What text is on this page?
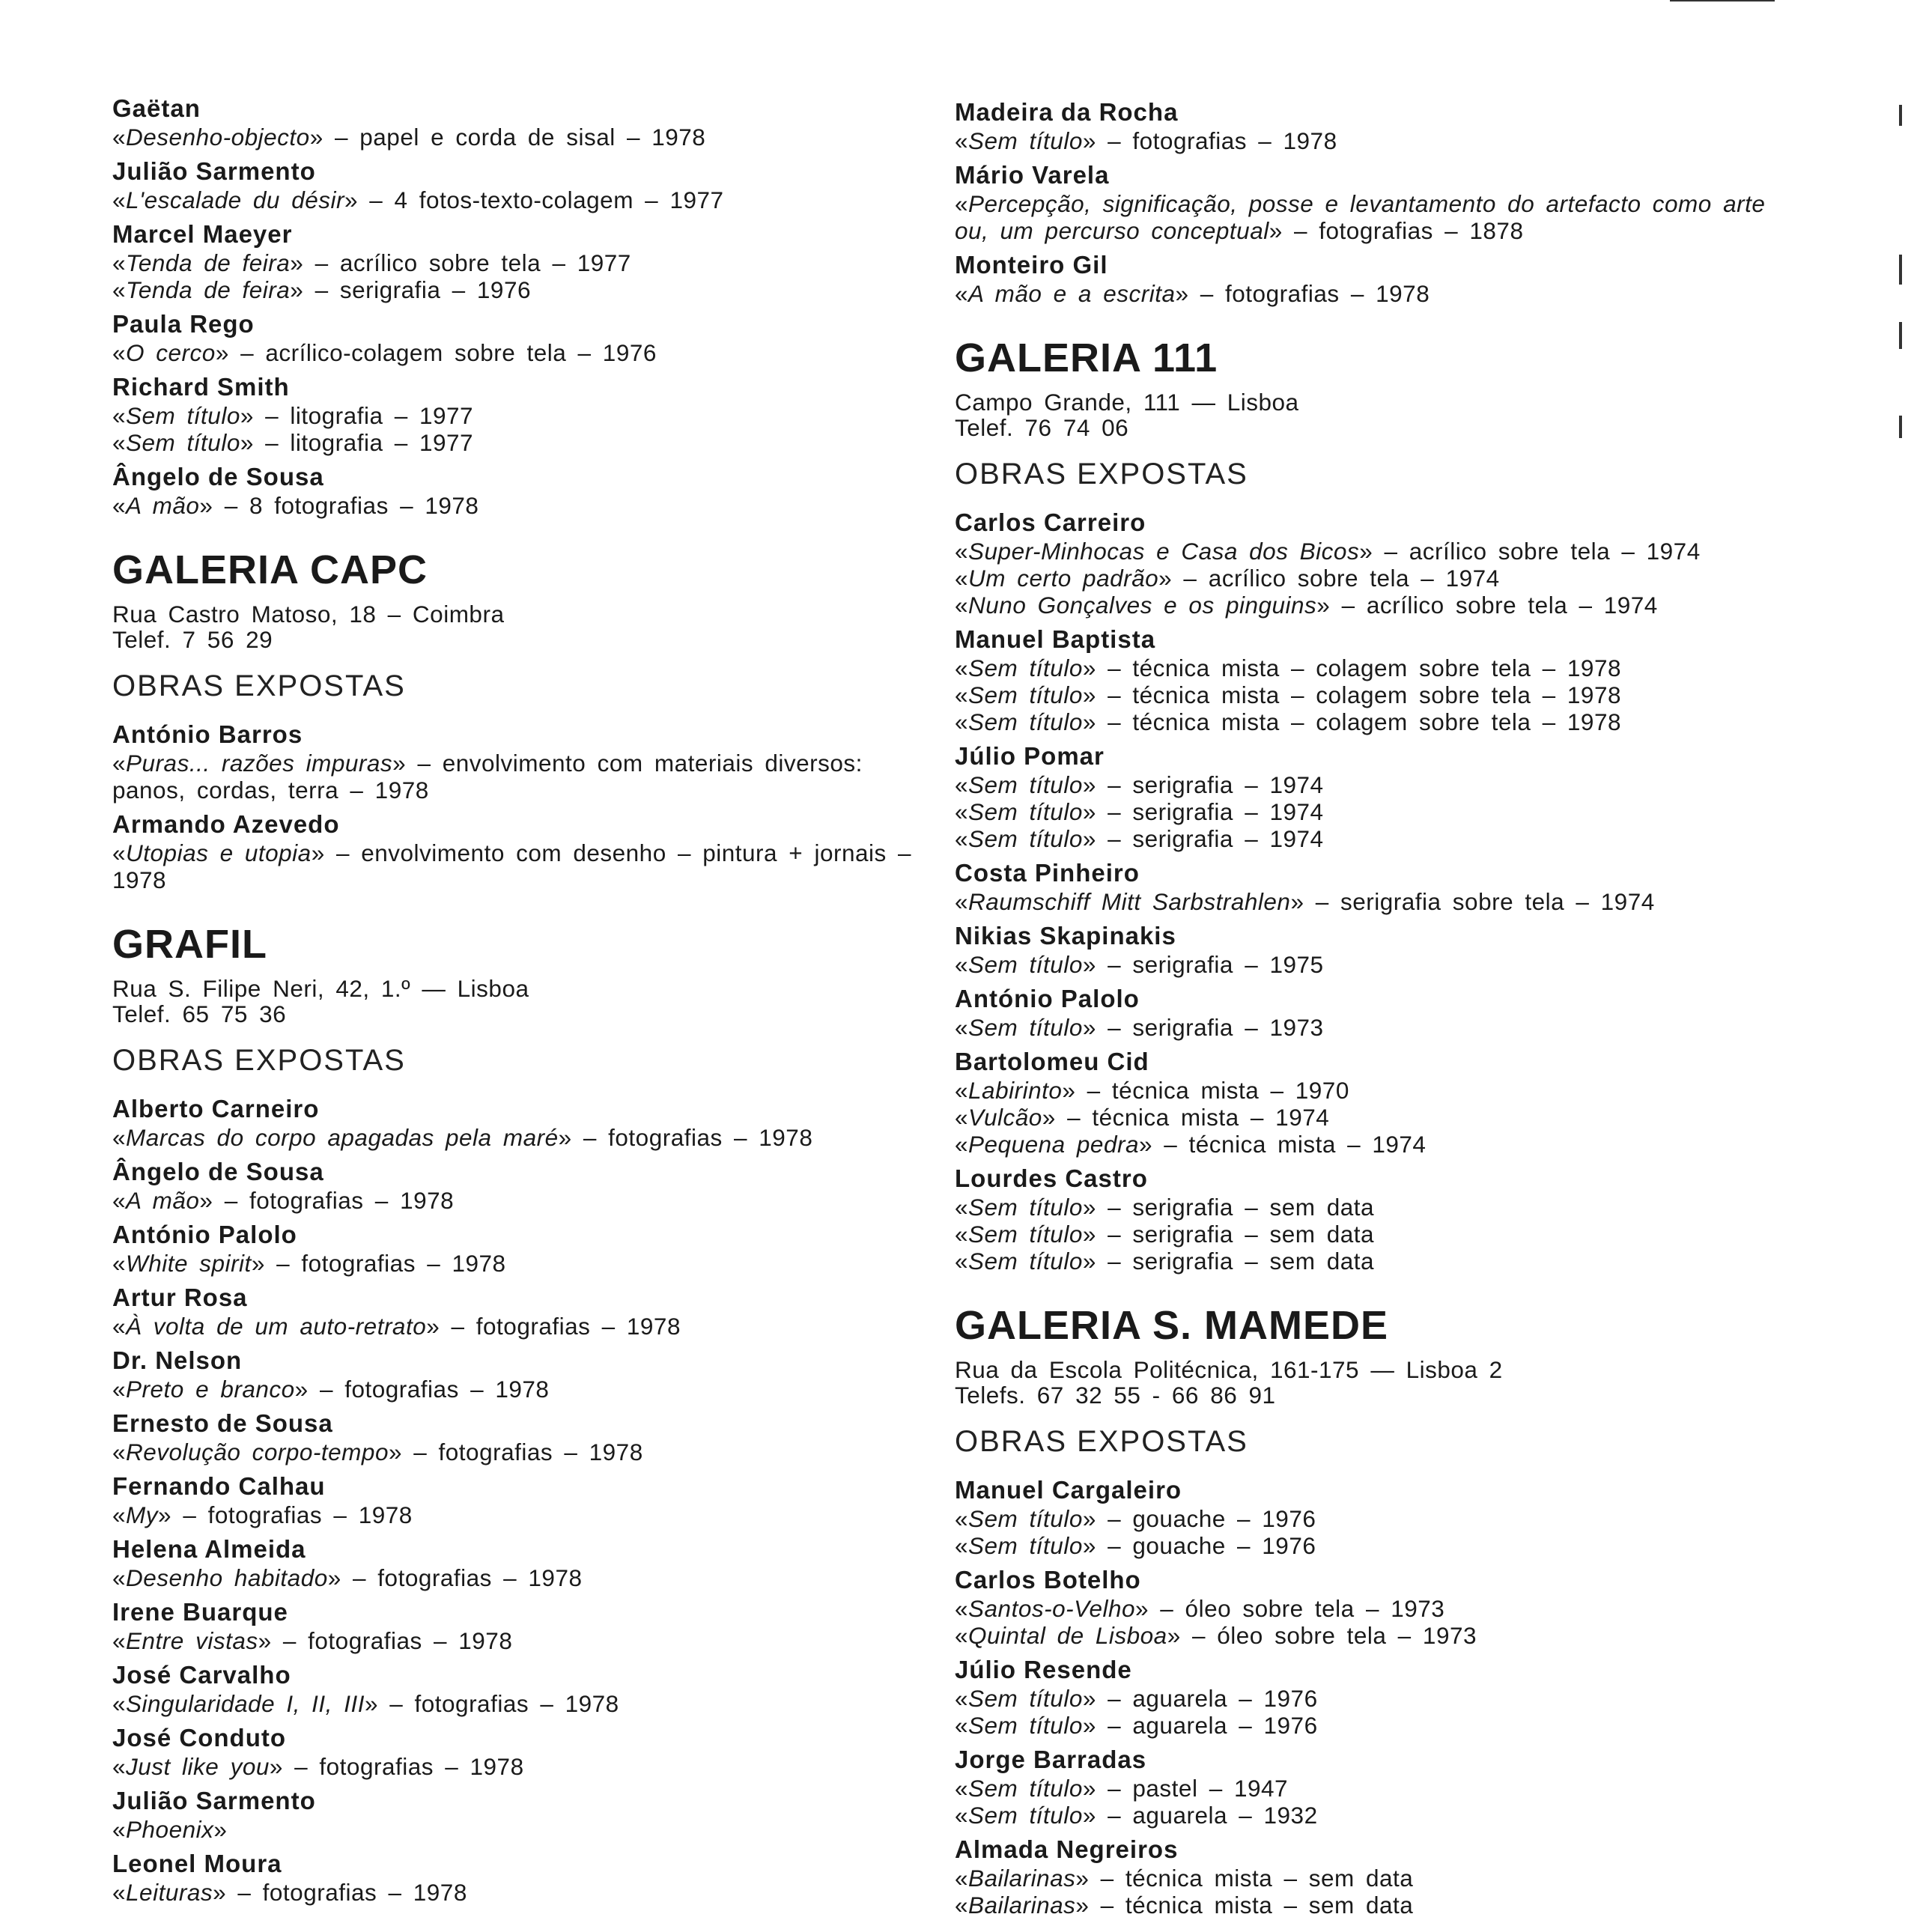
Gaëtan
«Desenho-objecto» – papel e corda de sisal – 1978
Julião Sarmento
«L'escalade du désir» – 4 fotos-texto-colagem – 1977
Marcel Maeyer
«Tenda de feira» – acrílico sobre tela – 1977
«Tenda de feira» – serigrafia – 1976
Paula Rego
«O cerco» – acrílico-colagem sobre tela – 1976
Richard Smith
«Sem título» – litografia – 1977
«Sem título» – litografia – 1977
Ângelo de Sousa
«A mão» – 8 fotografias – 1978
GALERIA CAPC
Rua Castro Matoso, 18 – Coimbra
Telef. 7 56 29
OBRAS EXPOSTAS
António Barros
«Puras... razões impuras» – envolvimento com materiais diversos: panos, cordas, terra – 1978
Armando Azevedo
«Utopias e utopia» – envolvimento com desenho – pintura + jornais – 1978
GRAFIL
Rua S. Filipe Neri, 42, 1.º — Lisboa
Telef. 65 75 36
OBRAS EXPOSTAS
Alberto Carneiro
«Marcas do corpo apagadas pela maré» – fotografias – 1978
Ângelo de Sousa
«A mão» – fotografias – 1978
António Palolo
«White spirit» – fotografias – 1978
Artur Rosa
«À volta de um auto-retrato» – fotografias – 1978
Dr. Nelson
«Preto e branco» – fotografias – 1978
Ernesto de Sousa
«Revolução corpo-tempo» – fotografias – 1978
Fernando Calhau
«My» – fotografias – 1978
Helena Almeida
«Desenho habitado» – fotografias – 1978
Irene Buarque
«Entre vistas» – fotografias – 1978
José Carvalho
«Singularidade I, II, III» – fotografias – 1978
José Conduto
«Just like you» – fotografias – 1978
Julião Sarmento
«Phoenix»
Leonel Moura
«Leituras» – fotografias – 1978
Madeira da Rocha
«Sem título» – fotografias – 1978
Mário Varela
«Percepção, significação, posse e levantamento do artefacto como arte ou, um percurso conceptual» – fotografias – 1878
Monteiro Gil
«A mão e a escrita» – fotografias – 1978
GALERIA 111
Campo Grande, 111 — Lisboa
Telef. 76 74 06
OBRAS EXPOSTAS
Carlos Carreiro
«Super-Minhocas e Casa dos Bicos» – acrílico sobre tela – 1974
«Um certo padrão» – acrílico sobre tela – 1974
«Nuno Gonçalves e os pinguins» – acrílico sobre tela – 1974
Manuel Baptista
«Sem título» – técnica mista – colagem sobre tela – 1978
«Sem título» – técnica mista – colagem sobre tela – 1978
«Sem título» – técnica mista – colagem sobre tela – 1978
Júlio Pomar
«Sem título» – serigrafia – 1974
«Sem título» – serigrafia – 1974
«Sem título» – serigrafia – 1974
Costa Pinheiro
«Raumschiff Mitt Sarbstrahlen» – serigrafia sobre tela – 1974
Nikias Skapinakis
«Sem título» – serigrafia – 1975
António Palolo
«Sem título» – serigrafia – 1973
Bartolomeu Cid
«Labirinto» – técnica mista – 1970
«Vulcão» – técnica mista – 1974
«Pequena pedra» – técnica mista – 1974
Lourdes Castro
«Sem título» – serigrafia – sem data
«Sem título» – serigrafia – sem data
«Sem título» – serigrafia – sem data
GALERIA S. MAMEDE
Rua da Escola Politécnica, 161-175 — Lisboa 2
Telefs. 67 32 55 - 66 86 91
OBRAS EXPOSTAS
Manuel Cargaleiro
«Sem título» – gouache – 1976
«Sem título» – gouache – 1976
Carlos Botelho
«Santos-o-Velho» – óleo sobre tela – 1973
«Quintal de Lisboa» – óleo sobre tela – 1973
Júlio Resende
«Sem título» – aguarela – 1976
«Sem título» – aguarela – 1976
Jorge Barradas
«Sem título» – pastel – 1947
«Sem título» – aguarela – 1932
Almada Negreiros
«Bailarinas» – técnica mista – sem data
«Bailarinas» – técnica mista – sem data
